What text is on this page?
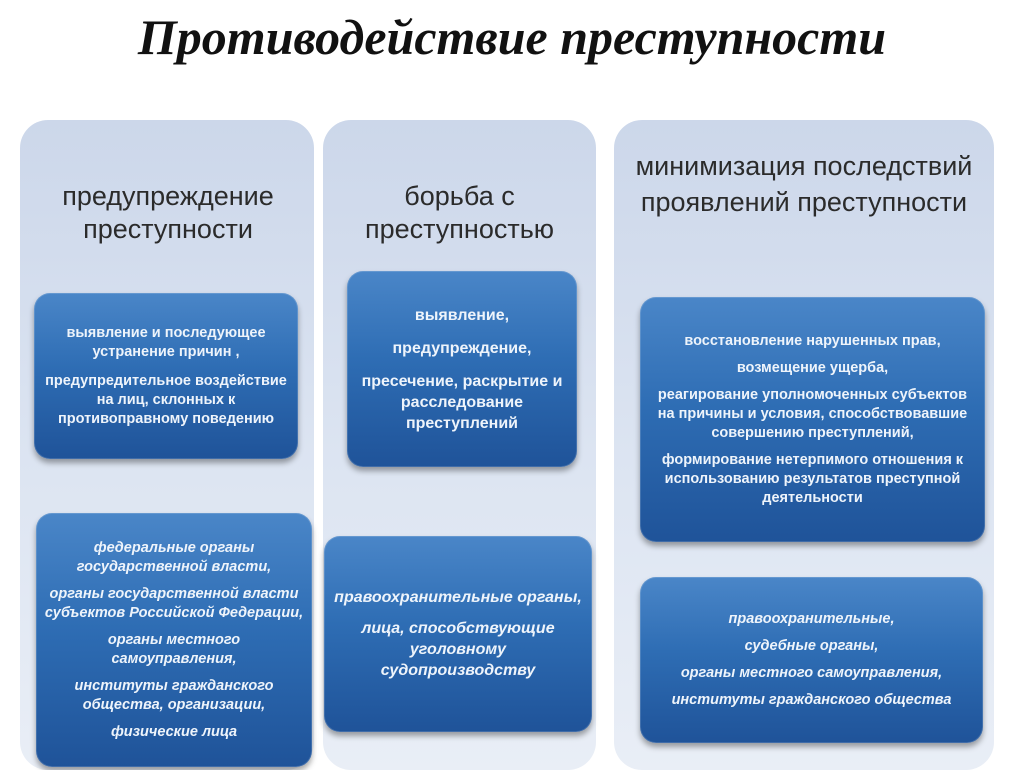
Противодействие преступности
предупреждение преступности
борьба с преступностью
минимизация последствий проявлений преступности
выявление и последующее устранение причин ,
предупредительное воздействие на лиц, склонных к противоправному поведению
федеральные органы государственной власти,
органы государственной власти субъектов Российской Федерации,
органы местного самоуправления,
институты гражданского общества, организации,
физические лица
выявление,
предупреждение,
пресечение, раскрытие и расследование преступлений
правоохранительные органы,
лица, способствующие уголовному судопроизводству
восстановление нарушенных прав,
возмещение ущерба,
реагирование уполномоченных субъектов на причины и условия, способствовавшие совершению преступлений,
формирование нетерпимого отношения к использованию результатов преступной деятельности
правоохранительные,
судебные органы,
органы местного самоуправления,
институты гражданского общества
